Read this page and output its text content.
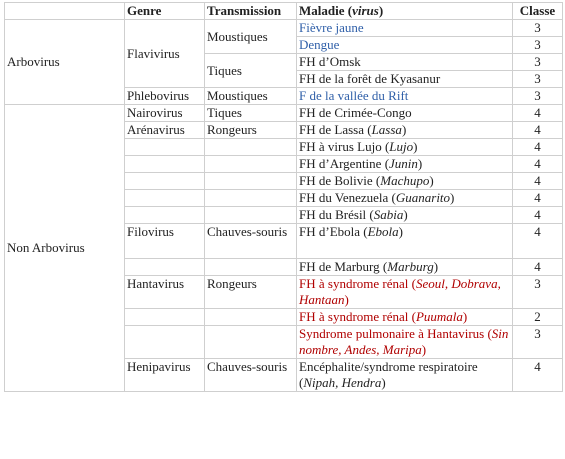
	Genre	Transmission	Maladie (virus)	Classe
Arbovirus	Flavivirus	Moustiques	Fièvre jaune	3
			Dengue	3
		Tiques	FH d’Omsk	3
			FH de la forêt de Kyasanur	3
	Phlebovirus	Moustiques	F de la vallée du Rift	3
Non Arbovirus	Nairovirus	Tiques	FH de Crimée-Congo	4
	Arénavirus	Rongeurs	FH de Lassa (Lassa)	4
			FH à virus Lujo (Lujo)	4
			FH d’Argentine (Junin)	4
			FH de Bolivie (Machupo)	4
			FH du Venezuela (Guanarito)	4
			FH du Brésil (Sabia)	4
	Filovirus	Chauves-souris	FH d’Ebola (Ebola)	4
			FH de Marburg (Marburg)	4
	Hantavirus	Rongeurs	FH à syndrome rénal (Seoul, Dobrava, Hantaan)	3
			FH à syndrome rénal (Puumala)	2
			Syndrome pulmonaire à Hantavirus (Sin nombre, Andes, Maripa)	3
	Henipavirus	Chauves-souris	Encéphalite/syndrome respiratoire (Nipah, Hendra)	4
